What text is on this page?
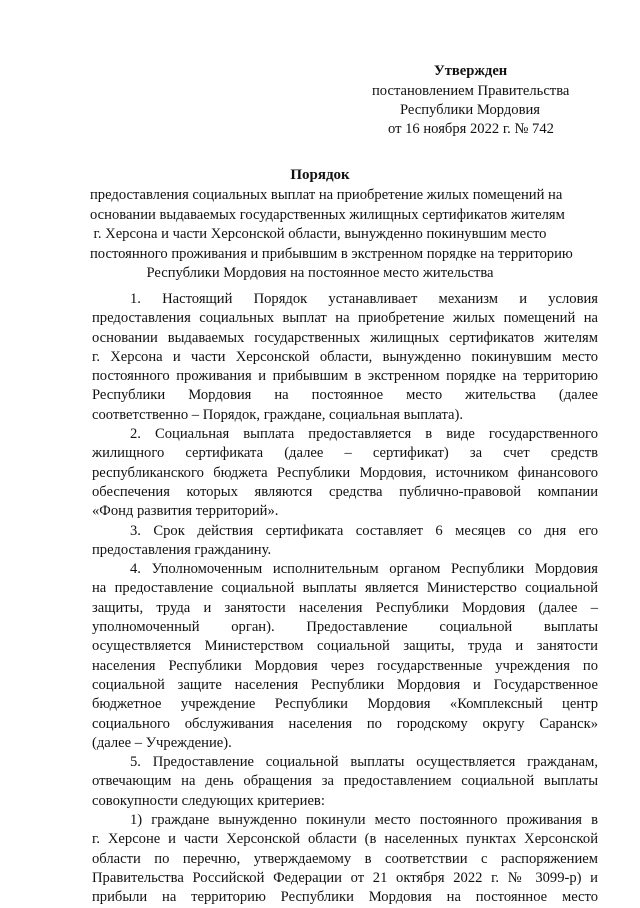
Утвержден
постановлением Правительства
Республики Мордовия
от 16 ноября 2022 г. № 742
Порядок
предоставления социальных выплат на приобретение жилых помещений на
основании выдаваемых государственных жилищных сертификатов жителям
г. Херсона и части Херсонской области, вынужденно покинувшим место
постоянного проживания и прибывшим в экстренном порядке на территорию
Республики Мордовия на постоянное место жительства
1. Настоящий Порядок устанавливает механизм и условия
предоставления социальных выплат на приобретение жилых помещений на
основании выдаваемых государственных жилищных сертификатов жителям
г. Херсона и части Херсонской области, вынужденно покинувшим место
постоянного проживания и прибывшим в экстренном порядке на территорию
Республики Мордовия на постоянное место жительства (далее
соответственно – Порядок, граждане, социальная выплата).
2. Социальная выплата предоставляется в виде государственного
жилищного сертификата (далее – сертификат) за счет средств
республиканского бюджета Республики Мордовия, источником финансового
обеспечения которых являются средства публично-правовой компании
«Фонд развития территорий».
3. Срок действия сертификата составляет 6 месяцев со дня его
предоставления гражданину.
4. Уполномоченным исполнительным органом Республики Мордовия
на предоставление социальной выплаты является Министерство социальной
защиты, труда и занятости населения Республики Мордовия (далее –
уполномоченный орган). Предоставление социальной выплаты
осуществляется Министерством социальной защиты, труда и занятости
населения Республики Мордовия через государственные учреждения по
социальной защите населения Республики Мордовия и Государственное
бюджетное учреждение Республики Мордовия «Комплексный центр
социального обслуживания населения по городскому округу Саранск»
(далее – Учреждение).
5. Предоставление социальной выплаты осуществляется гражданам,
отвечающим на день обращения за предоставлением социальной выплаты
совокупности следующих критериев:
1) граждане вынужденно покинули место постоянного проживания в
г. Херсоне и части Херсонской области (в населенных пунктах Херсонской
области по перечню, утверждаемому в соответствии с распоряжением
Правительства Российской Федерации от 21 октября 2022 г. № 3099-р) и
прибыли на территорию Республики Мордовия на постоянное место
